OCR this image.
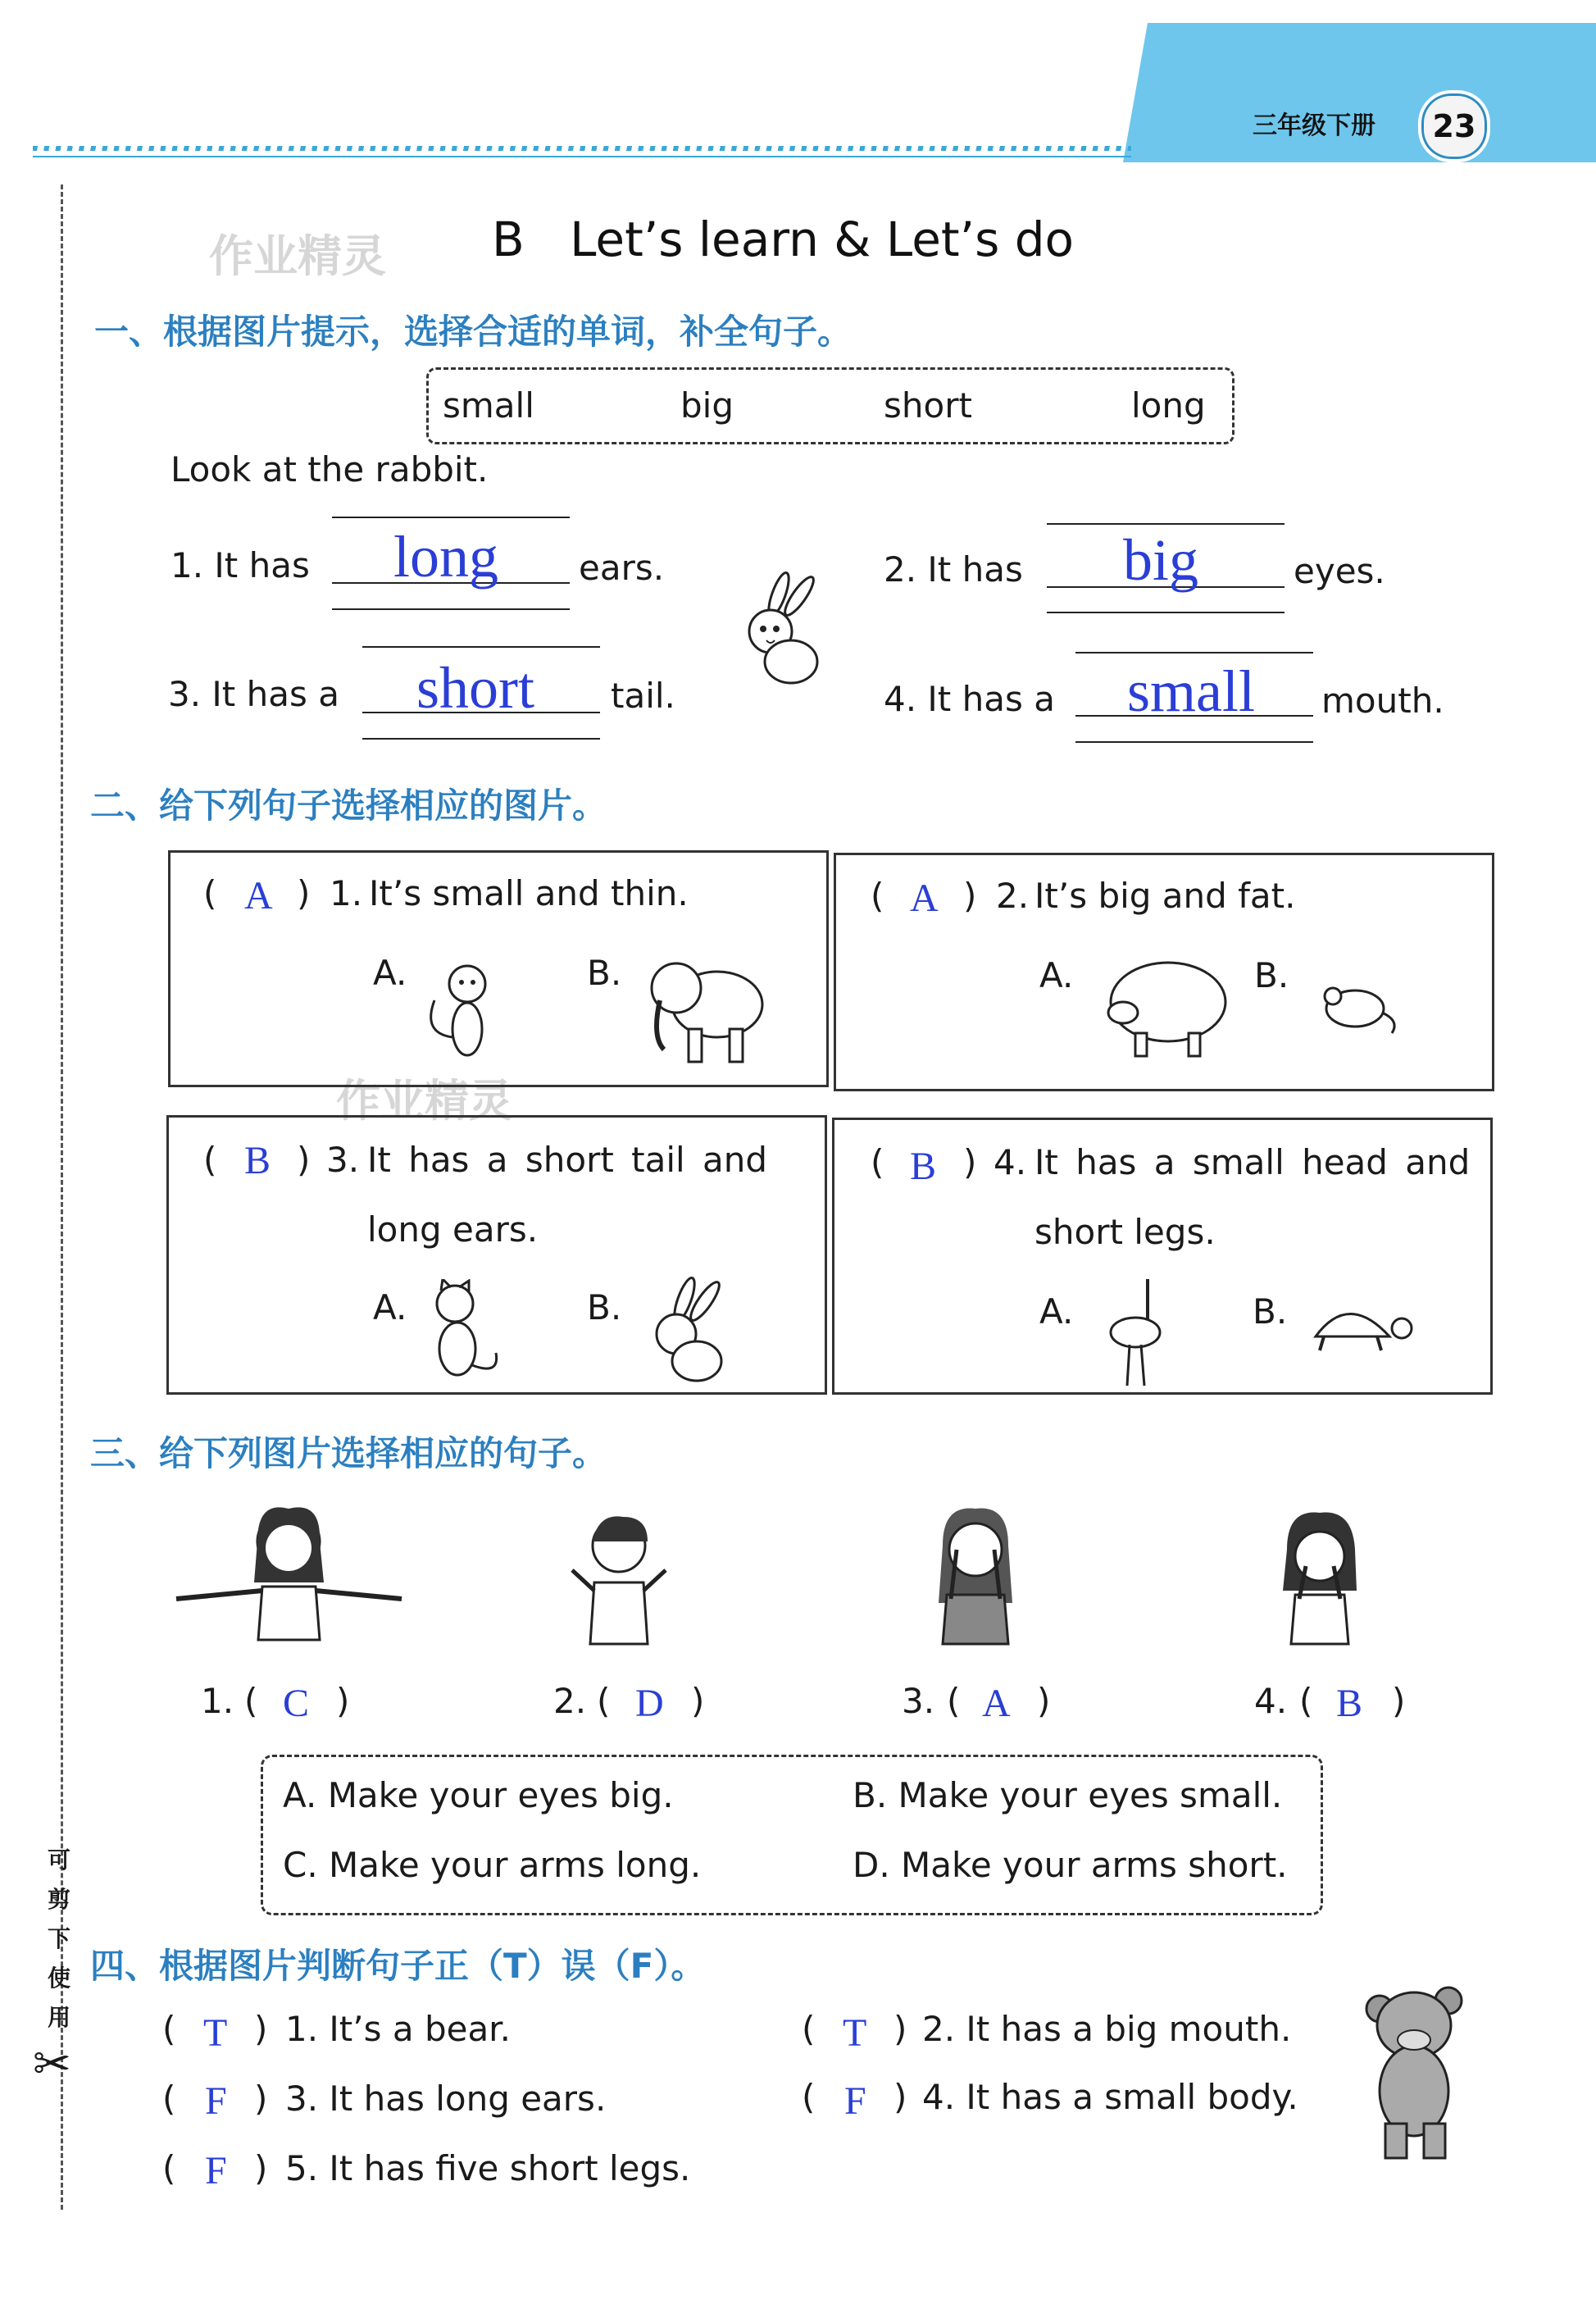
三年级下册	23
可
剪
下
使
用
✂
作业精灵
作业精灵
B   Let’s learn & Let’s do
一、根据图片提示，选择合适的单词，补全句子。
small	big	short	long
Look at the rabbit.
1. It has long ears.	2. It has big	eyes.
3. It has a short tail.	4. It has a small mouth.
二、给下列句子选择相应的图片。
( A ) 1. It’s small and thin.
A.	B.
( A ) 2. It’s big and fat.
A.	B.
( B ) 3. It has a short tail and
long ears.
A.	B.
( B ) 4. It has a small head and
short legs.
A.	B.
三、给下列图片选择相应的句子。
1. ( C )	2. ( D )	3. ( A )	4. ( B )
A. Make your eyes big.	B. Make your eyes small.
C. Make your arms long.	D. Make your arms short.
四、根据图片判断句子正（T）误（F）。
( T ) 1. It’s a bear.	( T ) 2. It has a big mouth.
( F ) 3. It has long ears.	( F ) 4. It has a small body.
( F ) 5. It has five short legs.
